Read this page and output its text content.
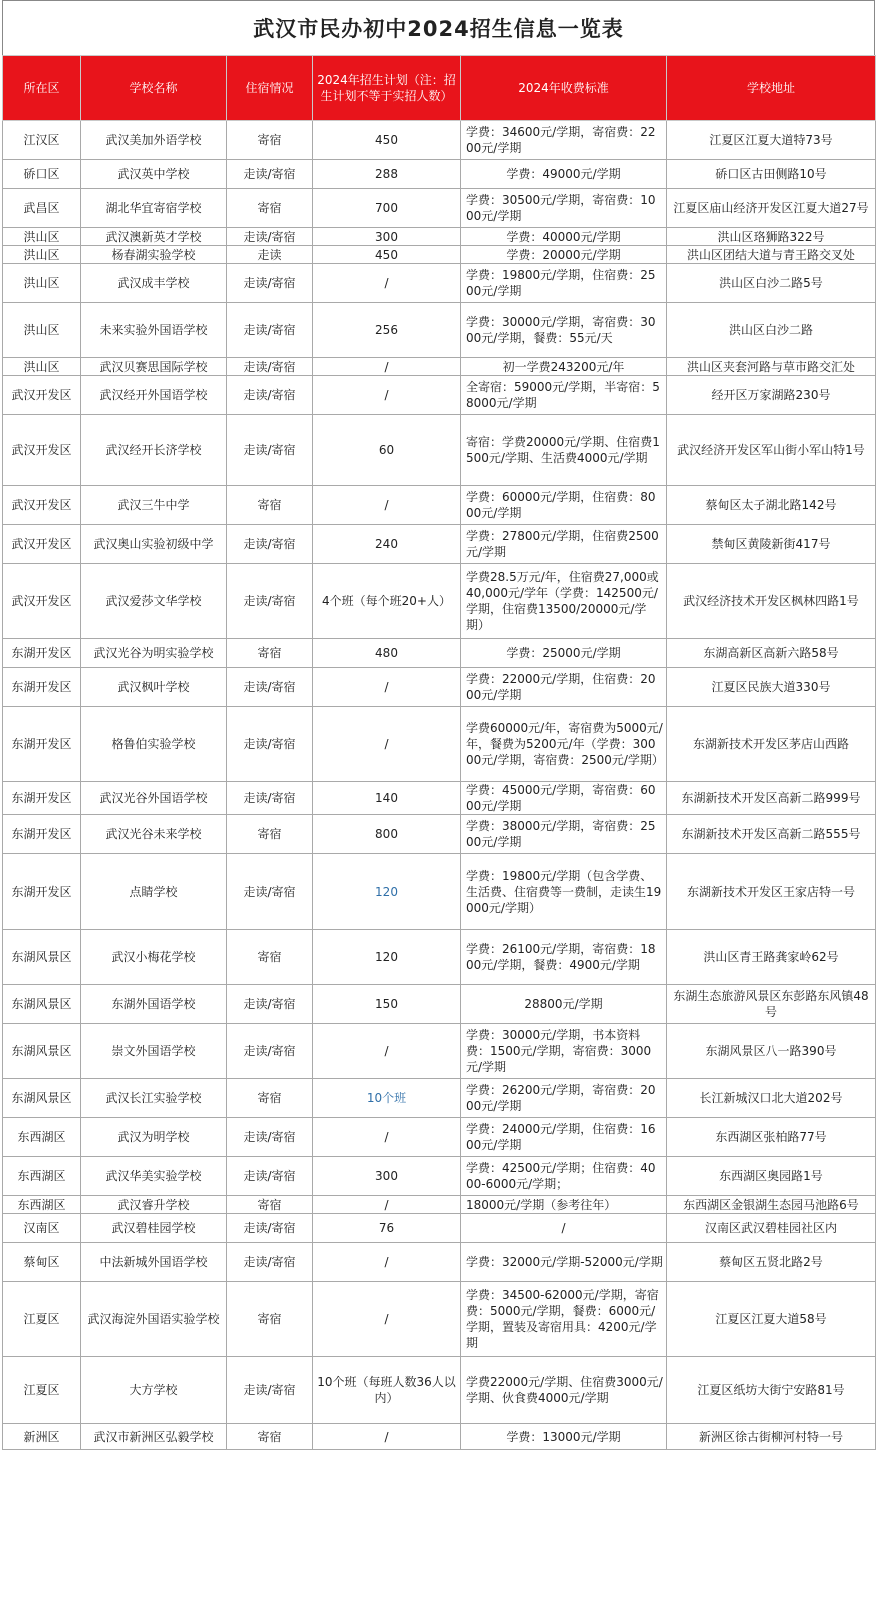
武汉市民办初中2024招生信息一览表
所在区	学校名称	住宿情况	2024年招生计划（注：招生计划不等于实招人数）	2024年收费标准	学校地址
江汉区	武汉美加外语学校	寄宿	450	学费：34600元/学期，寄宿费：2200元/学期	江夏区江夏大道特73号
硚口区	武汉英中学校	走读/寄宿	288	学费：49000元/学期	硚口区古田侧路10号
武昌区	湖北华宜寄宿学校	寄宿	700	学费：30500元/学期，寄宿费：1000元/学期	江夏区庙山经济开发区江夏大道27号
洪山区	武汉澳新英才学校	走读/寄宿	300	学费：40000元/学期	洪山区珞狮路322号
洪山区	杨春湖实验学校	走读	450	学费：20000元/学期	洪山区团结大道与青王路交叉处
洪山区	武汉成丰学校	走读/寄宿	/	学费：19800元/学期，住宿费：2500元/学期	洪山区白沙二路5号
洪山区	未来实验外国语学校	走读/寄宿	256	学费：30000元/学期，寄宿费：3000元/学期，餐费：55元/天	洪山区白沙二路
洪山区	武汉贝赛思国际学校	走读/寄宿	/	初一学费243200元/年	洪山区夹套河路与草市路交汇处
武汉开发区	武汉经开外国语学校	走读/寄宿	/	全寄宿：59000元/学期，半寄宿：58000元/学期	经开区万家湖路230号
武汉开发区	武汉经开长济学校	走读/寄宿	60	寄宿：学费20000元/学期、住宿费1500元/学期、生活费4000元/学期	武汉经济开发区军山街小军山特1号
武汉开发区	武汉三牛中学	寄宿	/	学费：60000元/学期，住宿费：8000元/学期	蔡甸区太子湖北路142号
武汉开发区	武汉奥山实验初级中学	走读/寄宿	240	学费：27800元/学期，住宿费2500元/学期	禁甸区黄陵新街417号
武汉开发区	武汉爱莎文华学校	走读/寄宿	4个班（每个班20+人）	学费28.5万元/年，住宿费27,000或40,000元/学年（学费：142500元/学期，住宿费13500/20000元/学期）	武汉经济技术开发区枫林四路1号
东湖开发区	武汉光谷为明实验学校	寄宿	480	学费：25000元/学期	东湖高新区高新六路58号
东湖开发区	武汉枫叶学校	走读/寄宿	/	学费：22000元/学期，住宿费：2000元/学期	江夏区民族大道330号
东湖开发区	格鲁伯实验学校	走读/寄宿	/	学费60000元/年，寄宿费为5000元/年，餐费为5200元/年（学费：30000元/学期，寄宿费：2500元/学期）	东湖新技术开发区茅店山西路
东湖开发区	武汉光谷外国语学校	走读/寄宿	140	学费：45000元/学期，寄宿费：6000元/学期	东湖新技术开发区高新二路999号
东湖开发区	武汉光谷未来学校	寄宿	800	学费：38000元/学期，寄宿费：2500元/学期	东湖新技术开发区高新二路555号
东湖开发区	点睛学校	走读/寄宿	120	学费：19800元/学期（包含学费、生活费、住宿费等一费制，走读生19000元/学期）	东湖新技术开发区王家店特一号
东湖风景区	武汉小梅花学校	寄宿	120	学费：26100元/学期，寄宿费：1800元/学期，餐费：4900元/学期	洪山区青王路龚家岭62号
东湖风景区	东湖外国语学校	走读/寄宿	150	28800元/学期	东湖生态旅游风景区东彭路东风镇48号
东湖风景区	崇文外国语学校	走读/寄宿	/	学费：30000元/学期，书本资料费：1500元/学期，寄宿费：3000元/学期	东湖风景区八一路390号
东湖风景区	武汉长江实验学校	寄宿	10个班	学费：26200元/学期，寄宿费：2000元/学期	长江新城汉口北大道202号
东西湖区	武汉为明学校	走读/寄宿	/	学费：24000元/学期，住宿费：1600元/学期	东西湖区张柏路77号
东西湖区	武汉华美实验学校	走读/寄宿	300	学费：42500元/学期；住宿费：4000-6000元/学期；	东西湖区奥园路1号
东西湖区	武汉睿升学校	寄宿	/	18000元/学期（参考往年）	东西湖区金银湖生态园马池路6号
汉南区	武汉碧桂园学校	走读/寄宿	76	/	汉南区武汉碧桂园社区内
蔡甸区	中法新城外国语学校	走读/寄宿	/	学费：32000元/学期-52000元/学期	蔡甸区五贤北路2号
江夏区	武汉海淀外国语实验学校	寄宿	/	学费：34500-62000元/学期，寄宿费：5000元/学期，餐费：6000元/学期，置装及寄宿用具：4200元/学期	江夏区江夏大道58号
江夏区	大方学校	走读/寄宿	10个班（每班人数36人以内）	学费22000元/学期、住宿费3000元/学期、伙食费4000元/学期	江夏区纸坊大街宁安路81号
新洲区	武汉市新洲区弘毅学校	寄宿	/	学费：13000元/学期	新洲区徐古街柳河村特一号
